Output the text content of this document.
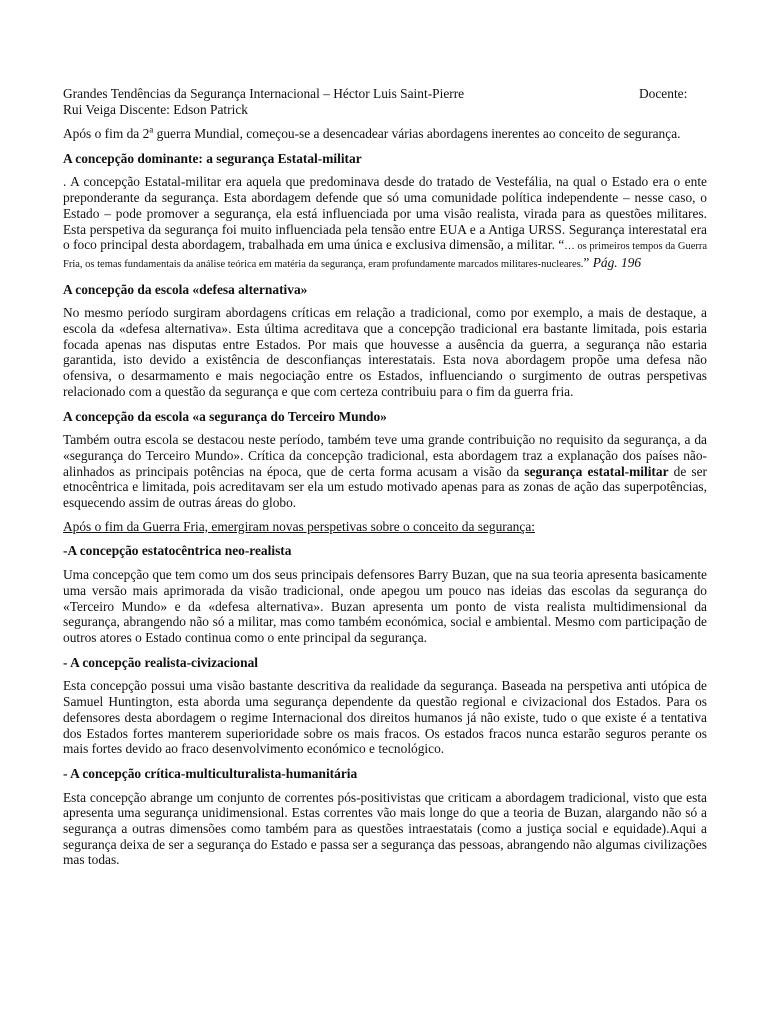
Grandes Tendências da Segurança Internacional – Héctor Luis Saint-Pierre	Docente:
Rui Veiga Discente: Edson Patrick

Após o fim da 2$^a$ guerra Mundial, começou-se a desencadear várias abordagens inerentes ao conceito de segurança.

A concepção dominante: a segurança Estatal-militar

. A concepção Estatal-militar era aquela que predominava desde do tratado de Vestefália, na qual o Estado era o ente preponderante da segurança. Esta abordagem defende que só uma comunidade política independente – nesse caso, o Estado – pode promover a segurança, ela está influenciada por uma visão realista, virada para as questões militares. Esta perspetiva da segurança foi muito influenciada pela tensão entre EUA e a Antiga URSS. Segurança interestatal era o foco principal desta abordagem, trabalhada em uma única e exclusiva dimensão, a militar. “… os primeiros tempos da Guerra Fria, os temas fundamentais da análise teórica em matéria da segurança, eram profundamente marcados militares-nucleares.” Pág. 196

A concepção da escola «defesa alternativa»

No mesmo período surgiram abordagens críticas em relação a tradicional, como por exemplo, a mais de destaque, a escola da «defesa alternativa». Esta última acreditava que a concepção tradicional era bastante limitada, pois estaria focada apenas nas disputas entre Estados. Por mais que houvesse a ausência da guerra, a segurança não estaria garantida, isto devido a existência de desconfianças interestatais. Esta nova abordagem propõe uma defesa não ofensiva, o desarmamento e mais negociação entre os Estados, influenciando o surgimento de outras perspetivas relacionado com a questão da segurança e que com certeza contribuiu para o fim da guerra fria.

A concepção da escola «a segurança do Terceiro Mundo»

Também outra escola se destacou neste período, também teve uma grande contribuição no requisito da segurança, a da «segurança do Terceiro Mundo». Crítica da concepção tradicional, esta abordagem traz a explanação dos países não-alinhados as principais potências na época, que de certa forma acusam a visão da segurança estatal-militar de ser etnocêntrica e limitada, pois acreditavam ser ela um estudo motivado apenas para as zonas de ação das superpotências, esquecendo assim de outras áreas do globo.

Após o fim da Guerra Fria, emergiram novas perspetivas sobre o conceito da segurança:

-A concepção estatocêntrica neo-realista

Uma concepção que tem como um dos seus principais defensores Barry Buzan, que na sua teoria apresenta basicamente uma versão mais aprimorada da visão tradicional, onde apegou um pouco nas ideias das escolas da segurança do «Terceiro Mundo» e da «defesa alternativa». Buzan apresenta um ponto de vista realista multidimensional da segurança, abrangendo não só a militar, mas como também económica, social e ambiental. Mesmo com participação de outros atores o Estado continua como o ente principal da segurança.

- A concepção realista-civizacional

Esta concepção possui uma visão bastante descritiva da realidade da segurança. Baseada na perspetiva anti utópica de Samuel Huntington, esta aborda uma segurança dependente da questão regional e civizacional dos Estados. Para os defensores desta abordagem o regime Internacional dos direitos humanos já não existe, tudo o que existe é a tentativa dos Estados fortes manterem superioridade sobre os mais fracos. Os estados fracos nunca estarão seguros perante os mais fortes devido ao fraco desenvolvimento económico e tecnológico.

- A concepção crítica-multiculturalista-humanitária

Esta concepção abrange um conjunto de correntes pós-positivistas que criticam a abordagem tradicional, visto que esta apresenta uma segurança unidimensional. Estas correntes vão mais longe do que a teoria de Buzan, alargando não só a segurança a outras dimensões como também para as questões intraestatais (como a justiça social e equidade).Aqui a segurança deixa de ser a segurança do Estado e passa ser a segurança das pessoas, abrangendo não algumas civilizações mas todas.
